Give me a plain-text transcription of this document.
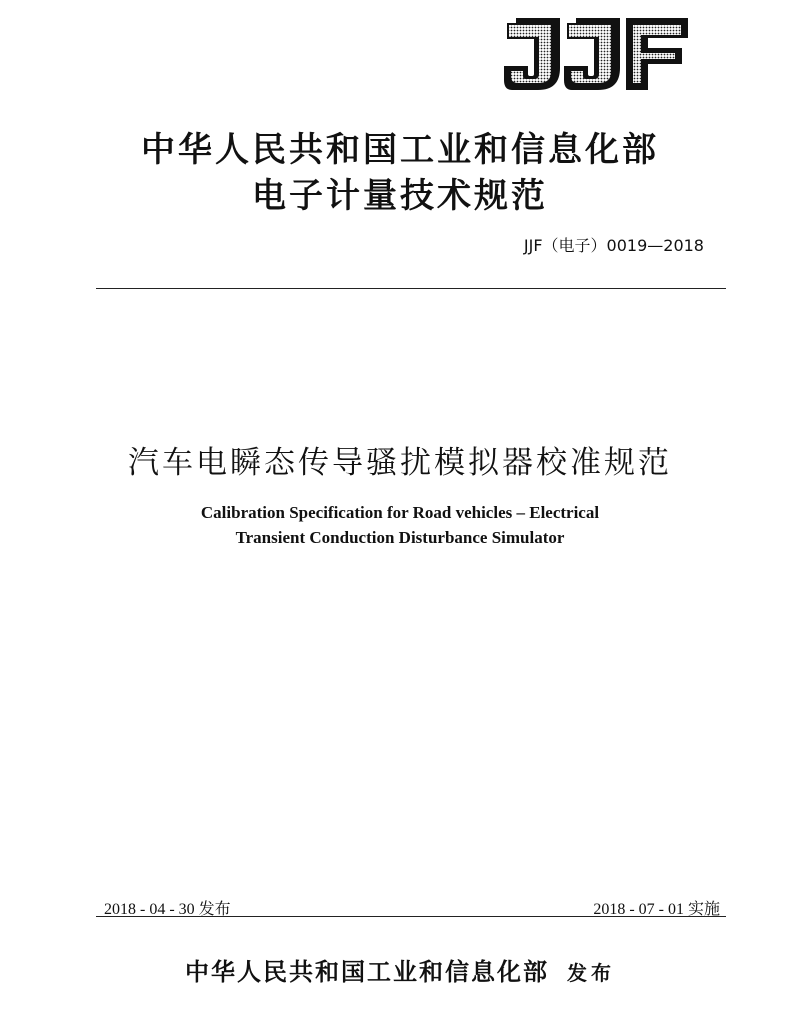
中华人民共和国工业和信息化部
电子计量技术规范
JJF（电子）0019—2018
汽车电瞬态传导骚扰模拟器校准规范
Calibration Specification for Road vehicles – Electrical
Transient Conduction Disturbance Simulator
2018 - 04 - 30 发布	2018 - 07 - 01 实施
中华人民共和国工业和信息化部 发布
